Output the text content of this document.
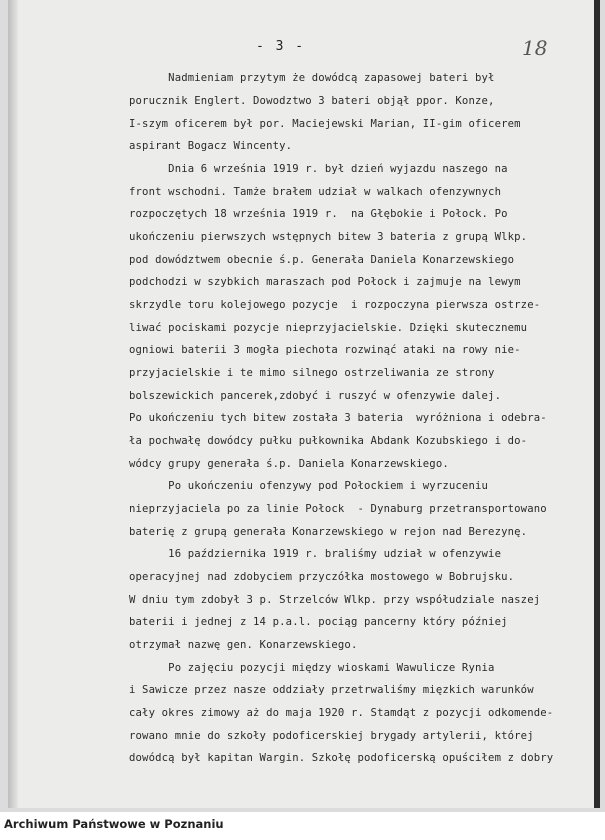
- 3 -	18
Nadmieniam przytym że dowódcą zapasowej bateri był
porucznik Englert. Dowodztwo 3 bateri objął ppor. Konze,
I-szym oficerem był por. Maciejewski Marian, II-gim oficerem
aspirant Bogacz Wincenty.
Dnia 6 września 1919 r. był dzień wyjazdu naszego na
front wschodni. Tamże brałem udział w walkach ofenzywnych
rozpoczętych 18 września 1919 r.  na Głębokie i Połock. Po
ukończeniu pierwszych wstępnych bitew 3 bateria z grupą Wlkp.
pod dowództwem obecnie ś.p. Generała Daniela Konarzewskiego
podchodzi w szybkich maraszach pod Połock i zajmuje na lewym
skrzydle toru kolejowego pozycje  i rozpoczyna pierwsza ostrze-
liwać pociskami pozycje nieprzyjacielskie. Dzięki skutecznemu
ogniowi baterii 3 mogła piechota rozwinąć ataki na rowy nie-
przyjacielskie i te mimo silnego ostrzeliwania ze strony
bolszewickich pancerek,zdobyć i ruszyć w ofenzywie dalej.
Po ukończeniu tych bitew została 3 bateria  wyróżniona i odebra-
ła pochwałę dowódcy pułku pułkownika Abdank Kozubskiego i do-
wódcy grupy generała ś.p. Daniela Konarzewskiego.
Po ukończeniu ofenzywy pod Połockiem i wyrzuceniu
nieprzyjaciela po za linie Połock  - Dynaburg przetransportowano
baterię z grupą generała Konarzewskiego w rejon nad Berezynę.
16 października 1919 r. braliśmy udział w ofenzywie
operacyjnej nad zdobyciem przyczółka mostowego w Bobrujsku.
W dniu tym zdobył 3 p. Strzelców Wlkp. przy współudziale naszej
baterii i jednej z 14 p.a.l. pociąg pancerny który później
otrzymał nazwę gen. Konarzewskiego.
Po zajęciu pozycji między wioskami Wawulicze Rynia
i Sawicze przez nasze oddziały przetrwaliśmy mięzkich warunków
cały okres zimowy aż do maja 1920 r. Stamdąt z pozycji odkomende-
rowano mnie do szkoły podoficerskiej brygady artylerii, której
dowódcą był kapitan Wargin. Szkołę podoficerską opuściłem z dobry
Archiwum Państwowe w Poznaniu
